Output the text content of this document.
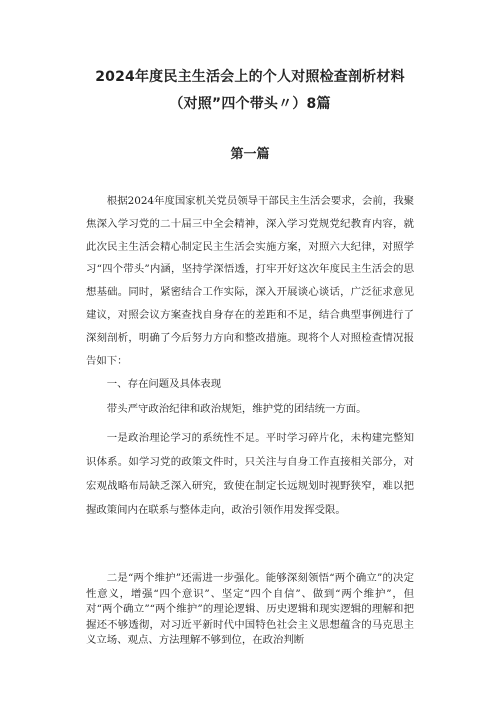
2024年度民主生活会上的个人对照检查剖析材料
（对照”四个带头〃）8篇
第一篇

根据2024年度国家机关党员领导干部民主生活会要求，会前，我聚焦深入学习党的二十届三中全会精神，深入学习党规党纪教育内容，就此次民主生活会精心制定民主生活会实施方案，对照六大纪律，对照学习“四个带头”内涵，坚持学深悟透，打牢开好这次年度民主生活会的思想基础。同时，紧密结合工作实际，深入开展谈心谈话，广泛征求意见建议，对照会议方案查找自身存在的差距和不足，结合典型事例进行了深刻剖析，明确了今后努力方向和整改措施。现将个人对照检查情况报告如下：

一、存在问题及具体表现

带头严守政治纪律和政治规矩，维护党的团结统一方面。

一是政治理论学习的系统性不足。平时学习碎片化，未构建完整知识体系。如学习党的政策文件时，只关注与自身工作直接相关部分，对宏观战略布局缺乏深入研究，致使在制定长远规划时视野狭窄，难以把握政策间内在联系与整体走向，政治引领作用发挥受限。

二是“两个维护”还需进一步强化。能够深刻领悟“两个确立”的决定性意义，增强“四个意识”、坚定“四个自信”、做到“两个维护”，但对“两个确立”“两个维护”的理论逻辑、历史逻辑和现实逻辑的理解和把握还不够透彻，对习近平新时代中国特色社会主义思想蕴含的马克思主义立场、观点、方法理解不够到位，在政治判断
